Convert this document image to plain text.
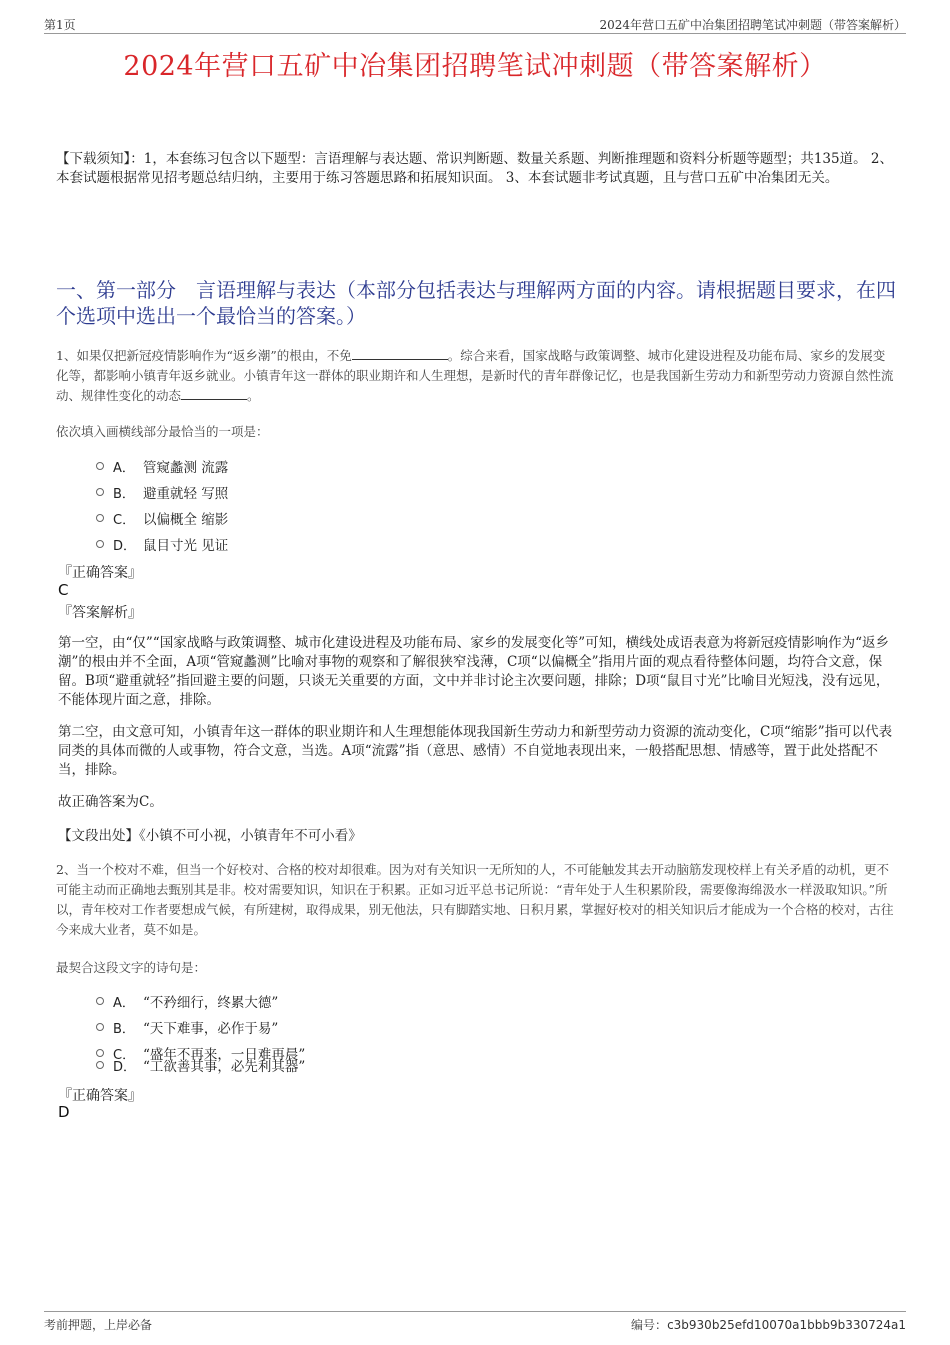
第1页	2024年营口五矿中冶集团招聘笔试冲刺题（带答案解析）
2024年营口五矿中冶集团招聘笔试冲刺题（带答案解析）
【下载须知】：1，本套练习包含以下题型：言语理解与表达题、常识判断题、数量关系题、判断推理题和资料分析题等题型；共135道。 2、本套试题根据常见招考题总结归纳，主要用于练习答题思路和拓展知识面。 3、本套试题非考试真题，且与营口五矿中冶集团无关。
一、第一部分　言语理解与表达（本部分包括表达与理解两方面的内容。请根据题目要求，在四个选项中选出一个最恰当的答案。）
1、如果仅把新冠疫情影响作为“返乡潮”的根由，不免	。综合来看，国家战略与政策调整、城市化建设进程及功能布局、家乡的发展变化等，都影响小镇青年返乡就业。小镇青年这一群体的职业期许和人生理想，是新时代的青年群像记忆，也是我国新生劳动力和新型劳动力资源自然性流动、规律性变化的动态	。
依次填入画横线部分最恰当的一项是：
A． 管窥蠡测 流露
B． 避重就轻 写照
C． 以偏概全 缩影
D． 鼠目寸光 见证
『正确答案』
C
『答案解析』
第一空，由“仅”“国家战略与政策调整、城市化建设进程及功能布局、家乡的发展变化等”可知，横线处成语表意为将新冠疫情影响作为“返乡潮”的根由并不全面，A项“管窥蠡测”比喻对事物的观察和了解很狭窄浅薄，C项“以偏概全”指用片面的观点看待整体问题，均符合文意，保留。B项“避重就轻”指回避主要的问题，只谈无关重要的方面，文中并非讨论主次要问题，排除；D项“鼠目寸光”比喻目光短浅，没有远见，不能体现片面之意，排除。
第二空，由文意可知，小镇青年这一群体的职业期许和人生理想能体现我国新生劳动力和新型劳动力资源的流动变化，C项“缩影”指可以代表同类的具体而微的人或事物，符合文意，当选。A项“流露”指（意思、感情）不自觉地表现出来，一般搭配思想、情感等，置于此处搭配不当，排除。
故正确答案为C。
【文段出处】《小镇不可小视，小镇青年不可小看》
2、当一个校对不难，但当一个好校对、合格的校对却很难。因为对有关知识一无所知的人，不可能触发其去开动脑筋发现校样上有关矛盾的动机，更不可能主动而正确地去甄别其是非。校对需要知识，知识在于积累。正如习近平总书记所说：“青年处于人生积累阶段，需要像海绵汲水一样汲取知识。”所以，青年校对工作者要想成气候，有所建树，取得成果，别无他法，只有脚踏实地、日积月累，掌握好校对的相关知识后才能成为一个合格的校对，古往今来成大业者，莫不如是。
最契合这段文字的诗句是：
A． “不矜细行，终累大德”
B． “天下难事，必作于易”
C． “盛年不再来，一日难再晨”
D． “工欲善其事，必先利其器”
『正确答案』
D
考前押题，上岸必备	编号：c3b930b25efd10070a1bbb9b330724a1
